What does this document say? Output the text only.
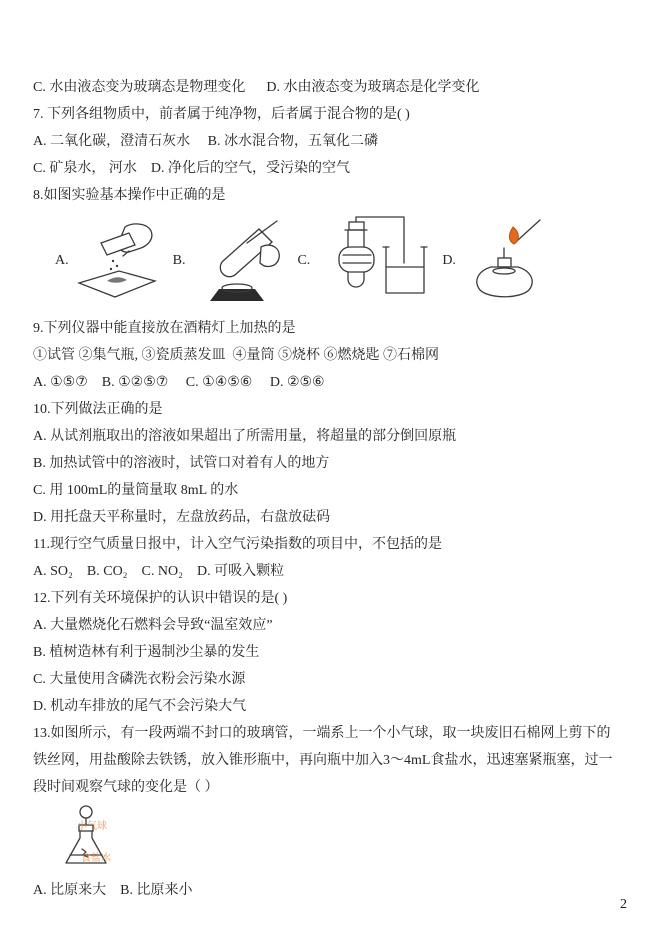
C. 水由液态变为玻璃态是物理变化      D. 水由液态变为玻璃态是化学变化

7. 下列各组物质中，前者属于纯净物，后者属于混合物的是( )

A. 二氧化碳，澄清石灰水     B. 冰水混合物，五氧化二磷

C. 矿泉水， 河水    D. 净化后的空气，受污染的空气

8.如图实验基本操作中正确的是

A.	B.	C.	D.

9.下列仪器中能直接放在酒精灯上加热的是

①试管 ②集气瓶, ③瓷质蒸发皿  ④量筒 ⑤烧杯 ⑥燃烧匙 ⑦石棉网

A. ①⑤⑦    B. ①②⑤⑦     C. ①④⑤⑥     D. ②⑤⑥

10.下列做法正确的是

A. 从试剂瓶取出的溶液如果超出了所需用量，将超量的部分倒回原瓶

B. 加热试管中的溶液时，试管口对着有人的地方

C. 用 100mL的量筒量取 8mL 的水

D. 用托盘天平称量时，左盘放药品，右盘放砝码

11.现行空气质量日报中，计入空气污染指数的项目中，不包括的是

A. SO₂    B. CO₂    C. NO₂    D. 可吸入颗粒

12.下列有关环境保护的认识中错误的是( )

A. 大量燃烧化石燃料会导致“温室效应”

B. 植树造林有利于遏制沙尘暴的发生

C. 大量使用含磷洗衣粉会污染水源

D. 机动车排放的尾气不会污染大气

13.如图所示，有一段两端不封口的玻璃管，一端系上一个小气球，取一块废旧石棉网上剪下的铁丝网，用盐酸除去铁锈，放入锥形瓶中，再向瓶中加入3～4mL食盐水，迅速塞紧瓶塞，过一段时间观察气球的变化是（ ）

小气球
食盐水

A. 比原来大    B. 比原来小

2
